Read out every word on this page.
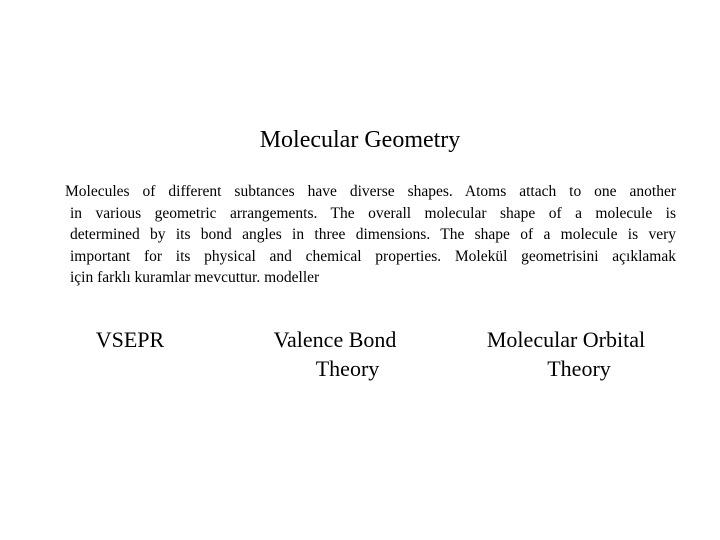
Molecular Geometry
Molecules of different subtances have diverse shapes. Atoms attach to one another
in various geometric arrangements. The overall molecular shape of a molecule is
determined by its bond angles in three dimensions. The shape of a molecule is very
important for its physical and chemical properties. Molekül geometrisini açıklamak
için farklı kuramlar mevcuttur. modeller
VSEPR	Valence Bond
Theory
Molecular Orbital
Theory
